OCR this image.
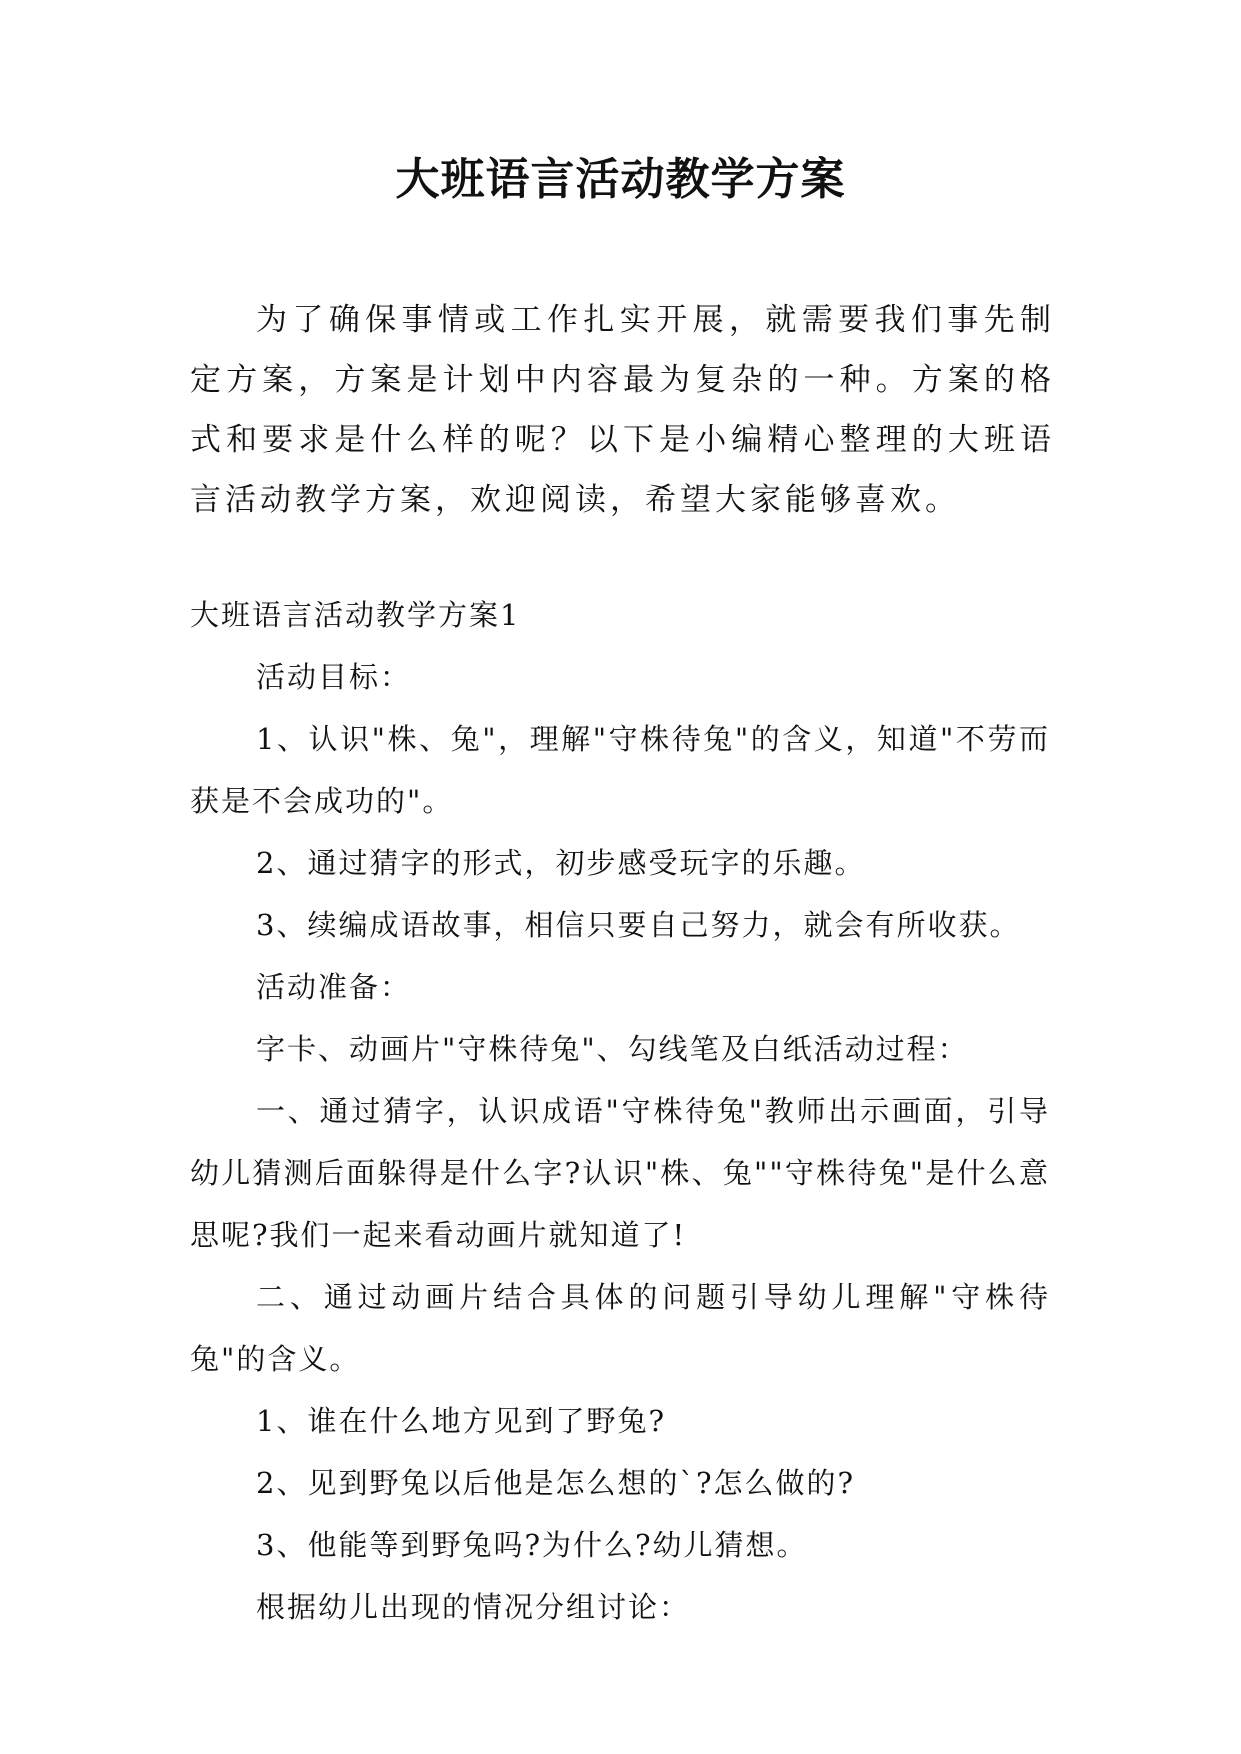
大班语言活动教学方案

为了确保事情或工作扎实开展，就需要我们事先制定方案，方案是计划中内容最为复杂的一种。方案的格式和要求是什么样的呢？以下是小编精心整理的大班语言活动教学方案，欢迎阅读，希望大家能够喜欢。

大班语言活动教学方案1

活动目标：

1、认识"株、兔"，理解"守株待兔"的含义，知道"不劳而获是不会成功的"。

2、通过猜字的形式，初步感受玩字的乐趣。

3、续编成语故事，相信只要自己努力，就会有所收获。

活动准备：

字卡、动画片"守株待兔"、勾线笔及白纸活动过程：

一、通过猜字，认识成语"守株待兔"教师出示画面，引导幼儿猜测后面躲得是什么字?认识"株、兔""守株待兔"是什么意思呢?我们一起来看动画片就知道了!

二、通过动画片结合具体的问题引导幼儿理解"守株待兔"的含义。

1、谁在什么地方见到了野兔?

2、见到野兔以后他是怎么想的`?怎么做的?

3、他能等到野兔吗?为什么?幼儿猜想。

根据幼儿出现的情况分组讨论：
